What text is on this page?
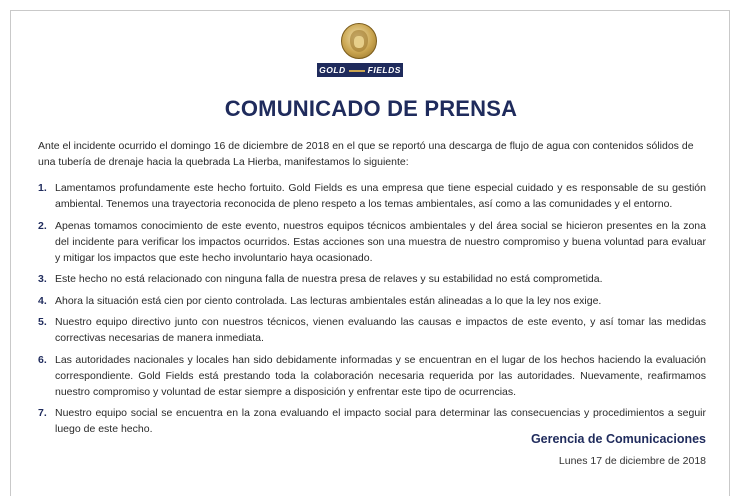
GOLD	FIELDS
COMUNICADO DE PRENSA

Ante el incidente ocurrido el domingo 16 de diciembre de 2018 en el que se reportó una descarga de flujo de agua con contenidos sólidos de una tubería de drenaje hacia la quebrada La Hierba, manifestamos lo siguiente:

1. Lamentamos profundamente este hecho fortuito. Gold Fields es una empresa que tiene especial cuidado y es responsable de su gestión ambiental. Tenemos una trayectoria reconocida de pleno respeto a los temas ambientales, así como a las comunidades y el entorno.
2. Apenas tomamos conocimiento de este evento, nuestros equipos técnicos ambientales y del área social se hicieron presentes en la zona del incidente para verificar los impactos ocurridos. Estas acciones son una muestra de nuestro compromiso y buena voluntad para evaluar y mitigar los impactos que este hecho involuntario haya ocasionado.
3. Este hecho no está relacionado con ninguna falla de nuestra presa de relaves y su estabilidad no está comprometida.
4. Ahora la situación está cien por ciento controlada. Las lecturas ambientales están alineadas a lo que la ley nos exige.
5. Nuestro equipo directivo junto con nuestros técnicos, vienen evaluando las causas e impactos de este evento, y así tomar las medidas correctivas necesarias de manera inmediata.
6. Las autoridades nacionales y locales han sido debidamente informadas y se encuentran en el lugar de los hechos haciendo la evaluación correspondiente. Gold Fields está prestando toda la colaboración necesaria requerida por las autoridades. Nuevamente, reafirmamos nuestro compromiso y voluntad de estar siempre a disposición y enfrentar este tipo de ocurrencias.
7. Nuestro equipo social se encuentra en la zona evaluando el impacto social para determinar las consecuencias y procedimientos a seguir luego de este hecho.

Gerencia de Comunicaciones

Lunes 17 de diciembre de 2018
